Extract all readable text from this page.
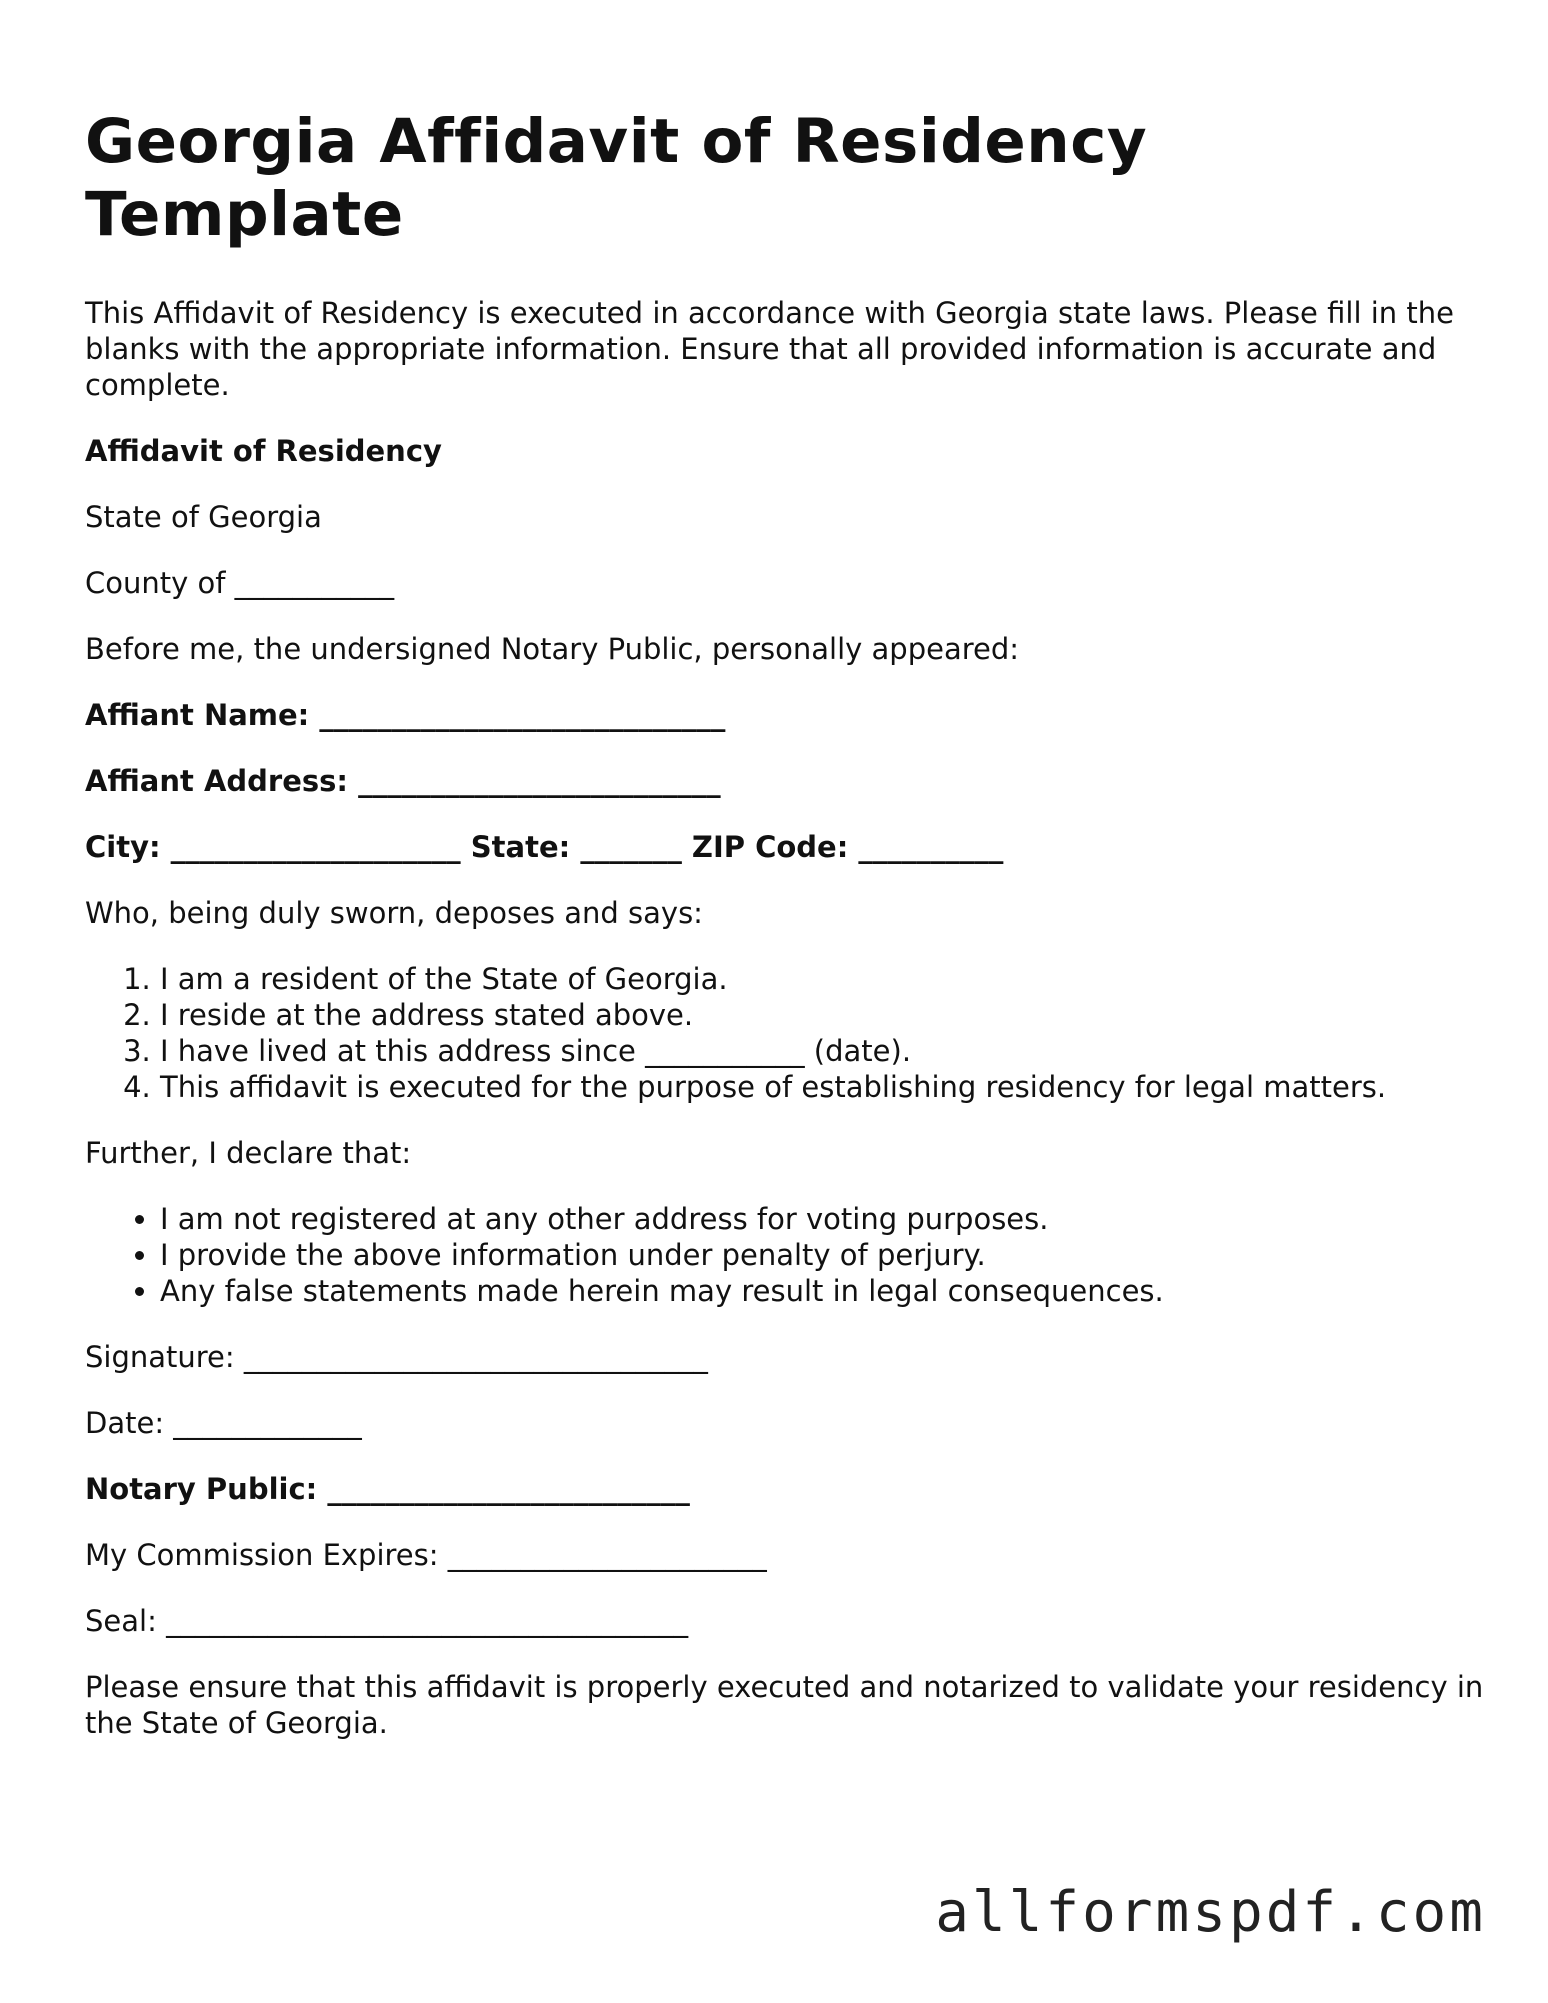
Georgia Affidavit of Residency Template

This Affidavit of Residency is executed in accordance with Georgia state laws. Please fill in the blanks with the appropriate information. Ensure that all provided information is accurate and complete.

Affidavit of Residency

State of Georgia

County of ___________

Before me, the undersigned Notary Public, personally appeared:

Affiant Name: ____________________________

Affiant Address: _________________________

City: ____________________ State: _______ ZIP Code: __________

Who, being duly sworn, deposes and says:

1. I am a resident of the State of Georgia.
2. I reside at the address stated above.
3. I have lived at this address since ___________ (date).
4. This affidavit is executed for the purpose of establishing residency for legal matters.

Further, I declare that:

• I am not registered at any other address for voting purposes.
• I provide the above information under penalty of perjury.
• Any false statements made herein may result in legal consequences.

Signature: ________________________________

Date: _____________

Notary Public: _________________________

My Commission Expires: ______________________

Seal: ____________________________________

Please ensure that this affidavit is properly executed and notarized to validate your residency in the State of Georgia.

allformspdf.com
